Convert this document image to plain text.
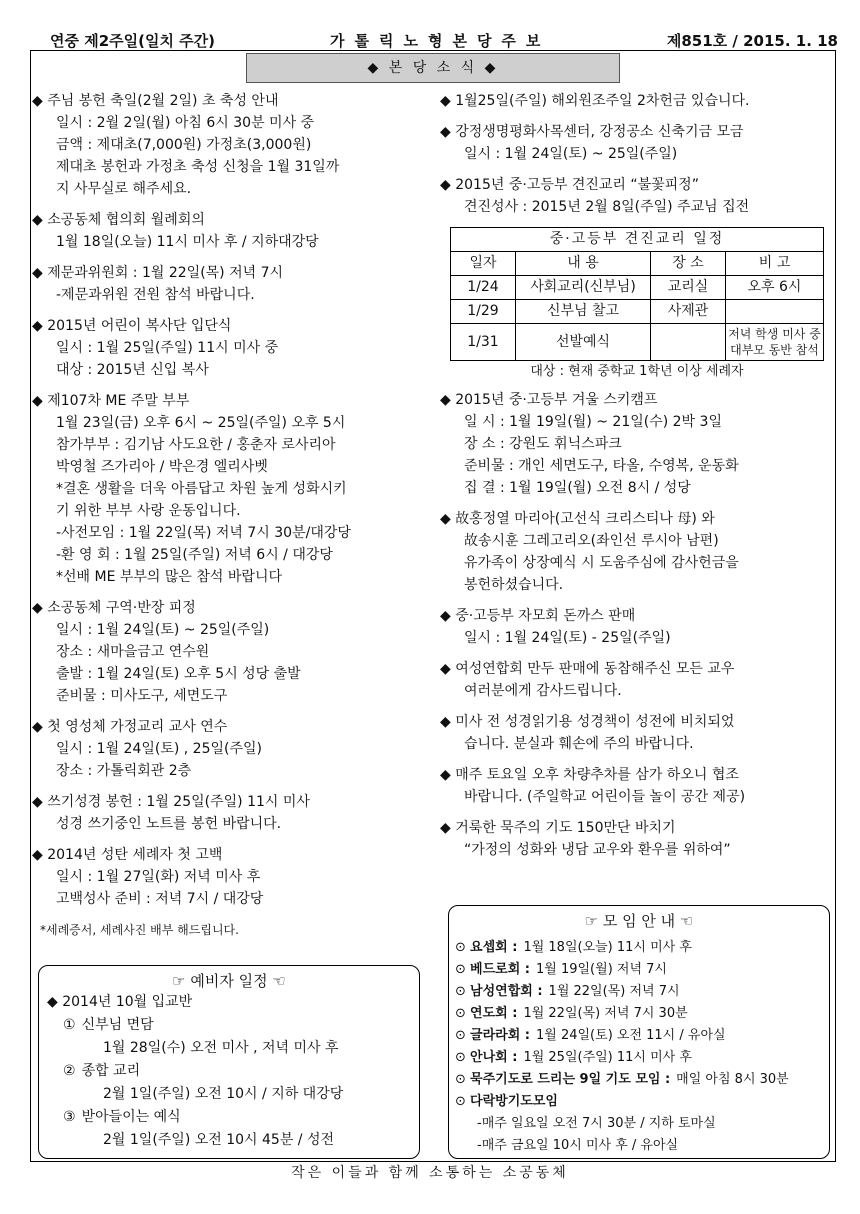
연중 제2주일(일치 주간)	가톨릭노형본당주보	제851호 / 2015. 1. 18
◆ 본 당 소 식 ◆
◆ 주님 봉헌 축일(2월 2일) 초 축성 안내
일시 : 2월 2일(월) 아침 6시 30분 미사 중
금액 : 제대초(7,000원) 가정초(3,000원)
제대초 봉헌과 가정초 축성 신청을 1월 31일까
지 사무실로 해주세요.
◆ 소공동체 협의회 월례회의
1월 18일(오늘) 11시 미사 후 / 지하대강당
◆ 제문과위원회 : 1월 22일(목) 저녁 7시
-제문과위원 전원 참석 바랍니다.
◆ 2015년 어린이 복사단 입단식
일시 : 1월 25일(주일) 11시 미사 중
대상 : 2015년 신입 복사
◆ 제107차 ME 주말 부부
1월 23일(금) 오후 6시 ~ 25일(주일) 오후 5시
참가부부 : 김기남 사도요한 / 홍춘자 로사리아
박영철 즈가리아 / 박은경 엘리사벳
*결혼 생활을 더욱 아름답고 차원 높게 성화시키
기 위한 부부 사랑 운동입니다.
-사전모임 : 1월 22일(목) 저녁 7시 30분/대강당
-환 영 회 : 1월 25일(주일) 저녁 6시 / 대강당
*선배 ME 부부의 많은 참석 바랍니다
◆ 소공동체 구역·반장 피정
일시 : 1월 24일(토) ~ 25일(주일)
장소 : 새마을금고 연수원
출발 : 1월 24일(토) 오후 5시 성당 출발
준비물 : 미사도구, 세면도구
◆ 첫 영성체 가정교리 교사 연수
일시 : 1월 24일(토) , 25일(주일)
장소 : 가톨릭회관 2층
◆ 쓰기성경 봉헌 : 1월 25일(주일) 11시 미사
성경 쓰기중인 노트를 봉헌 바랍니다.
◆ 2014년 성탄 세례자 첫 고백
일시 : 1월 27일(화) 저녁 미사 후
고백성사 준비 : 저녁 7시 / 대강당
*세례증서, 세례사진 배부 해드립니다.
◆ 1월25일(주일) 해외원조주일 2차헌금 있습니다.
◆ 강정생명평화사목센터, 강정공소 신축기금 모금
일시 : 1월 24일(토) ~ 25일(주일)
◆ 2015년 중·고등부 견진교리 “불꽃피정”
견진성사 : 2015년 2월 8일(주일) 주교님 집전
중·고등부 견진교리 일정			
일자	내 용	장 소	비 고
1/24	사회교리(신부님)	교리실	오후 6시
1/29	신부님 찰고	사제관	
1/31	선발예식		저녁 학생 미사 중 대부모 동반 참석
대상 : 현재 중학교 1학년 이상 세례자
◆ 2015년 중·고등부 겨울 스키캠프
일 시 : 1월 19일(월) ~ 21일(수) 2박 3일
장 소 : 강원도 휘닉스파크
준비물 : 개인 세면도구, 타올, 수영복, 운동화
집 결 : 1월 19일(월) 오전 8시 / 성당
◆ 故홍정열 마리아(고선식 크리스티나 母) 와
故송시훈 그레고리오(좌인선 루시아 남편)
유가족이 상장예식 시 도움주심에 감사헌금을
봉헌하셨습니다.
◆ 중·고등부 자모회 돈까스 판매
일시 : 1월 24일(토) - 25일(주일)
◆ 여성연합회 만두 판매에 동참해주신 모든 교우
여러분에게 감사드립니다.
◆ 미사 전 성경읽기용 성경책이 성전에 비치되었
습니다. 분실과 훼손에 주의 바랍니다.
◆ 매주 토요일 오후 차량추차를 삼가 하오니 협조
바랍니다. (주일학교 어린이들 놀이 공간 제공)
◆ 거룩한 묵주의 기도 150만단 바치기
“가정의 성화와 냉담 교우와 환우를 위하여”
☞ 예비자 일정 ☜
◆ 2014년 10월 입교반
① 신부님 면담
1월 28일(수) 오전 미사 , 저녁 미사 후
② 종합 교리
2월 1일(주일) 오전 10시 / 지하 대강당
③ 받아들이는 예식
2월 1일(주일) 오전 10시 45분 / 성전
☞ 모 임 안 내 ☜
⊙ 요셉회 : 1월 18일(오늘) 11시 미사 후
⊙ 베드로회 : 1월 19일(월) 저녁 7시
⊙ 남성연합회 : 1월 22일(목) 저녁 7시
⊙ 연도회 : 1월 22일(목) 저녁 7시 30분
⊙ 글라라회 : 1월 24일(토) 오전 11시 / 유아실
⊙ 안나회 : 1월 25일(주일) 11시 미사 후
⊙ 묵주기도로 드리는 9일 기도 모임 : 매일 아침 8시 30분
⊙ 다락방기도모임
-매주 일요일 오전 7시 30분 / 지하 토마실
-매주 금요일 10시 미사 후 / 유아실
작은 이들과 함께 소통하는 소공동체
